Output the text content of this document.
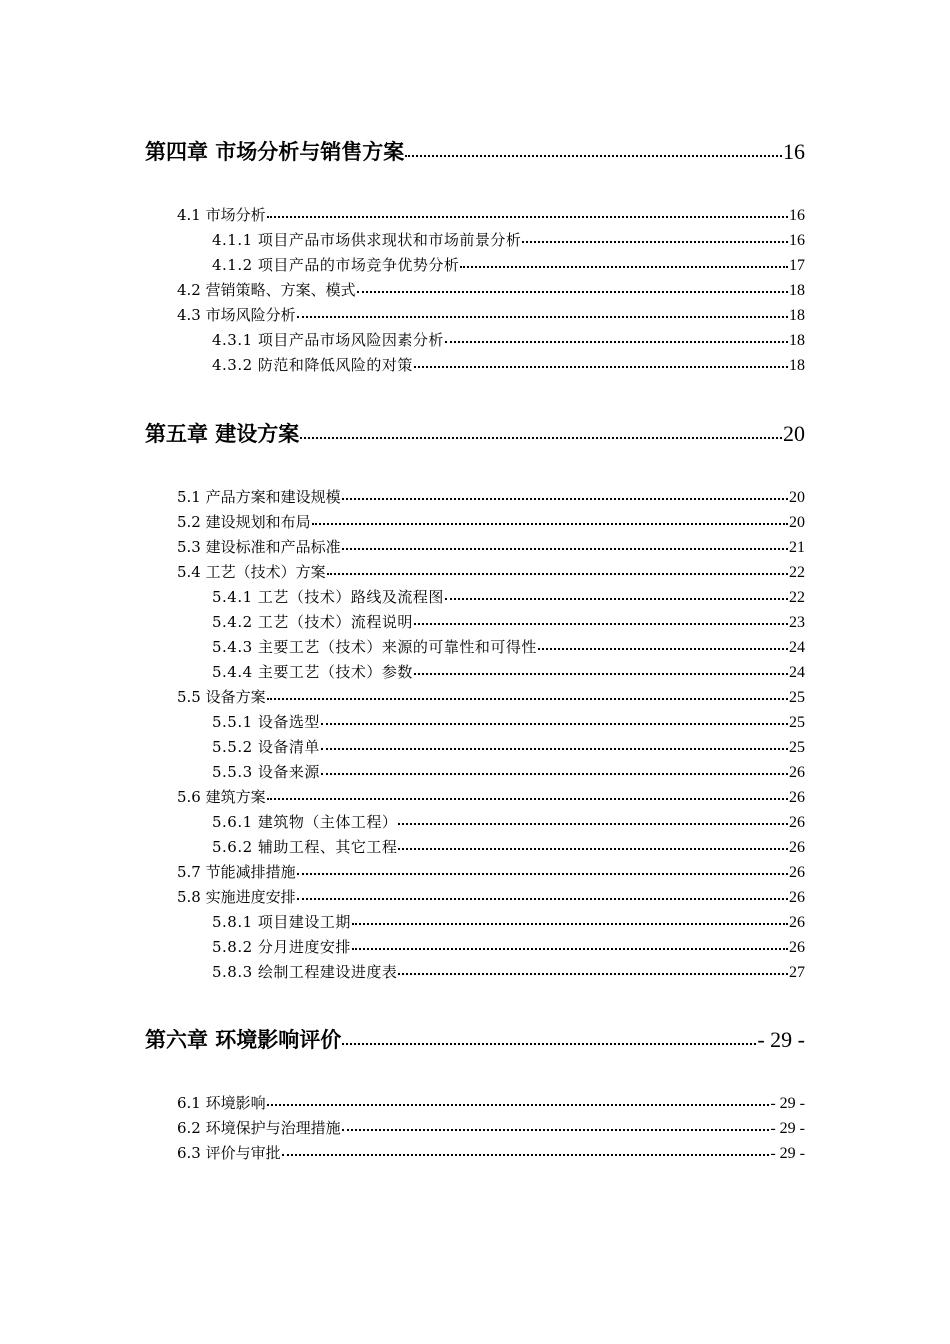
第四章 市场分析与销售方案	16
4.1 市场分析	16
4.1.1 项目产品市场供求现状和市场前景分析	16
4.1.2 项目产品的市场竞争优势分析	17
4.2 营销策略、方案、模式	18
4.3 市场风险分析	18
4.3.1 项目产品市场风险因素分析	18
4.3.2 防范和降低风险的对策	18
第五章 建设方案	20
5.1 产品方案和建设规模	20
5.2 建设规划和布局	20
5.3 建设标准和产品标准	21
5.4 工艺（技术）方案	22
5.4.1 工艺（技术）路线及流程图	22
5.4.2 工艺（技术）流程说明	23
5.4.3 主要工艺（技术）来源的可靠性和可得性	24
5.4.4 主要工艺（技术）参数	24
5.5 设备方案	25
5.5.1 设备选型	25
5.5.2 设备清单	25
5.5.3 设备来源	26
5.6 建筑方案	26
5.6.1 建筑物（主体工程）	26
5.6.2 辅助工程、其它工程	26
5.7 节能减排措施	26
5.8 实施进度安排	26
5.8.1 项目建设工期	26
5.8.2 分月进度安排	26
5.8.3 绘制工程建设进度表	27
第六章 环境影响评价	- 29 -
6.1 环境影响	- 29 -
6.2 环境保护与治理措施	- 29 -
6.3 评价与审批	- 29 -
